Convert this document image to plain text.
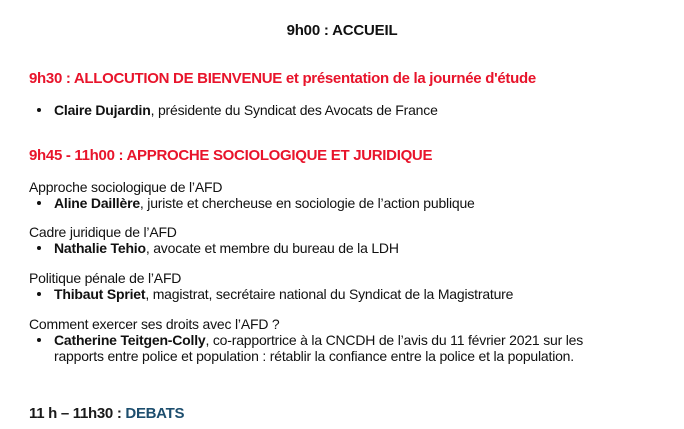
9h00 : ACCUEIL
9h30 : ALLOCUTION DE BIENVENUE et présentation de la journée d'étude
Claire Dujardin, présidente du Syndicat des Avocats de France
9h45 - 11h00 : APPROCHE SOCIOLOGIQUE ET JURIDIQUE
Approche sociologique de l’AFD
Aline Daillère, juriste et chercheuse en sociologie de l’action publique
Cadre juridique de l’AFD
Nathalie Tehio, avocate et membre du bureau de la LDH
Politique pénale de l’AFD
Thibaut Spriet, magistrat, secrétaire national du Syndicat de la Magistrature
Comment exercer ses droits avec l’AFD ?
Catherine Teitgen-Colly, co-rapportrice à la CNCDH de l’avis du 11 février 2021 sur les rapports entre police et population : rétablir la confiance entre la police et la population.
11 h – 11h30 : DEBATS
